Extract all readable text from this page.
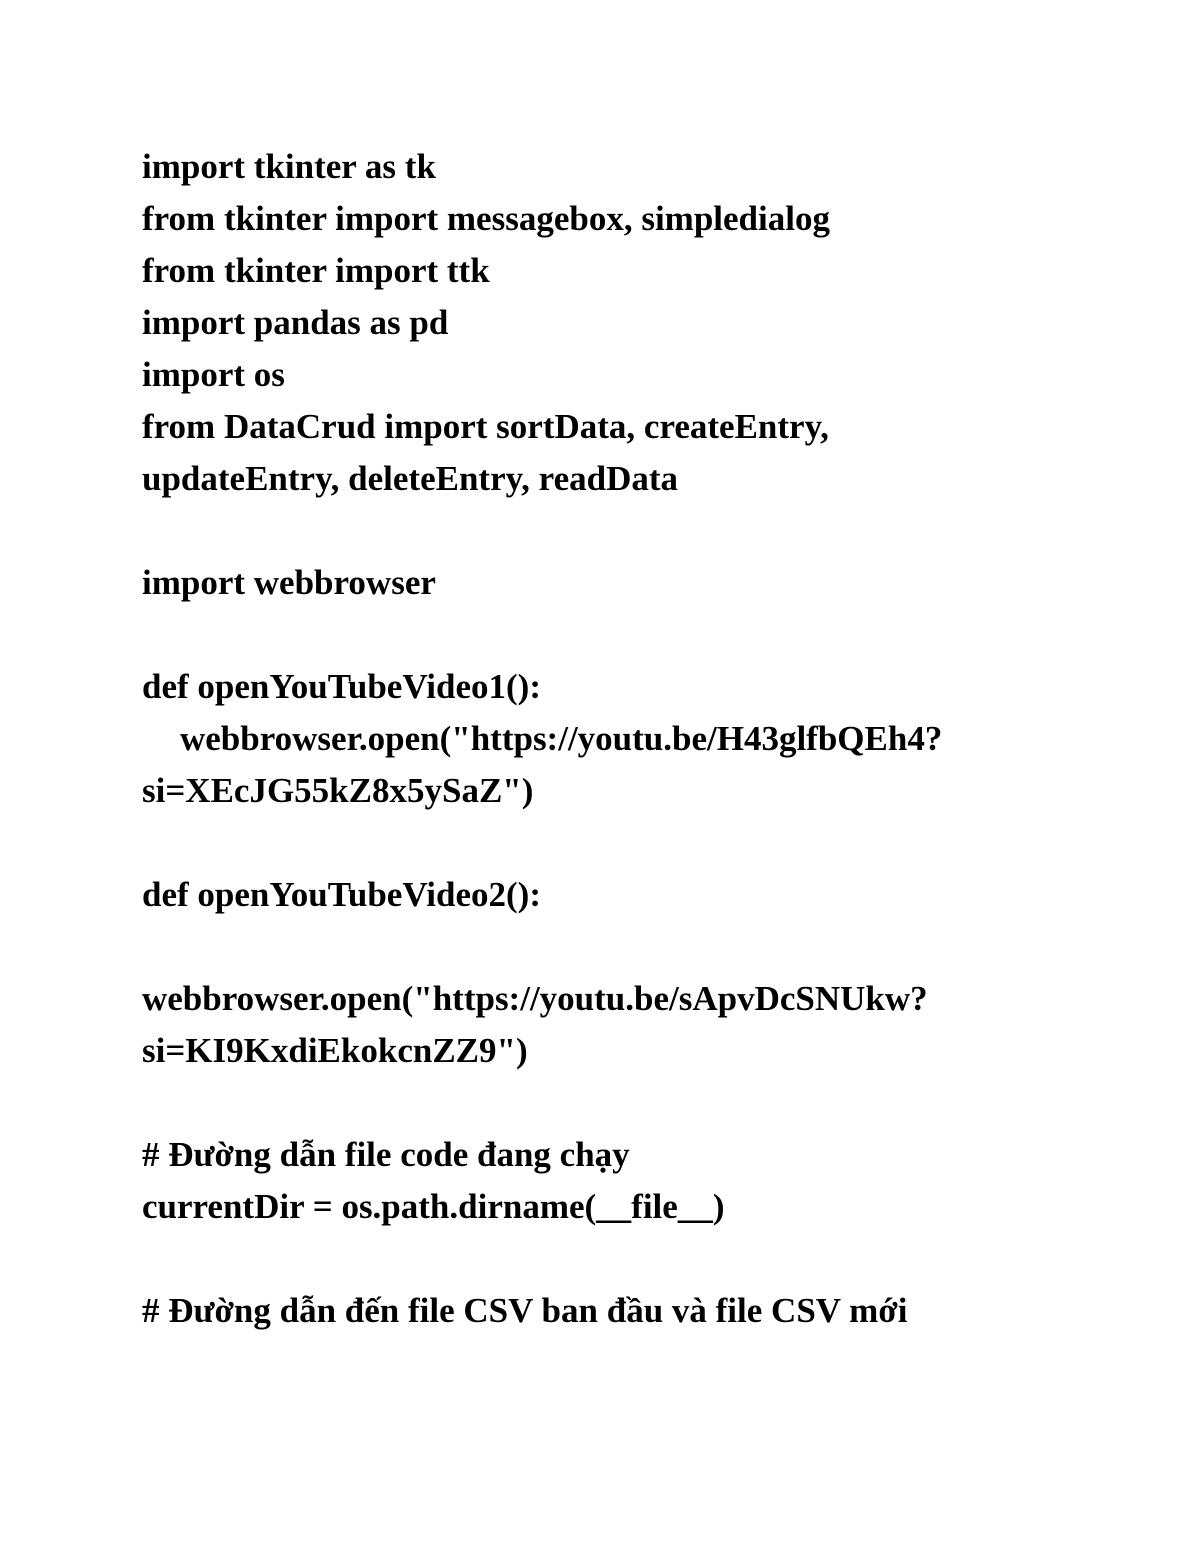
import tkinter as tk
from tkinter import messagebox, simpledialog
from tkinter import ttk
import pandas as pd
import os
from DataCrud import sortData, createEntry,
updateEntry, deleteEntry, readData
import webbrowser
def openYouTubeVideo1():
webbrowser.open("https://youtu.be/H43glfbQEh4?
si=XEcJG55kZ8x5ySaZ")
def openYouTubeVideo2():
webbrowser.open("https://youtu.be/sApvDcSNUkw?
si=KI9KxdiEkokcnZZ9")
# Đường dẫn file code đang chạy
currentDir = os.path.dirname(__file__)
# Đường dẫn đến file CSV ban đầu và file CSV mới
